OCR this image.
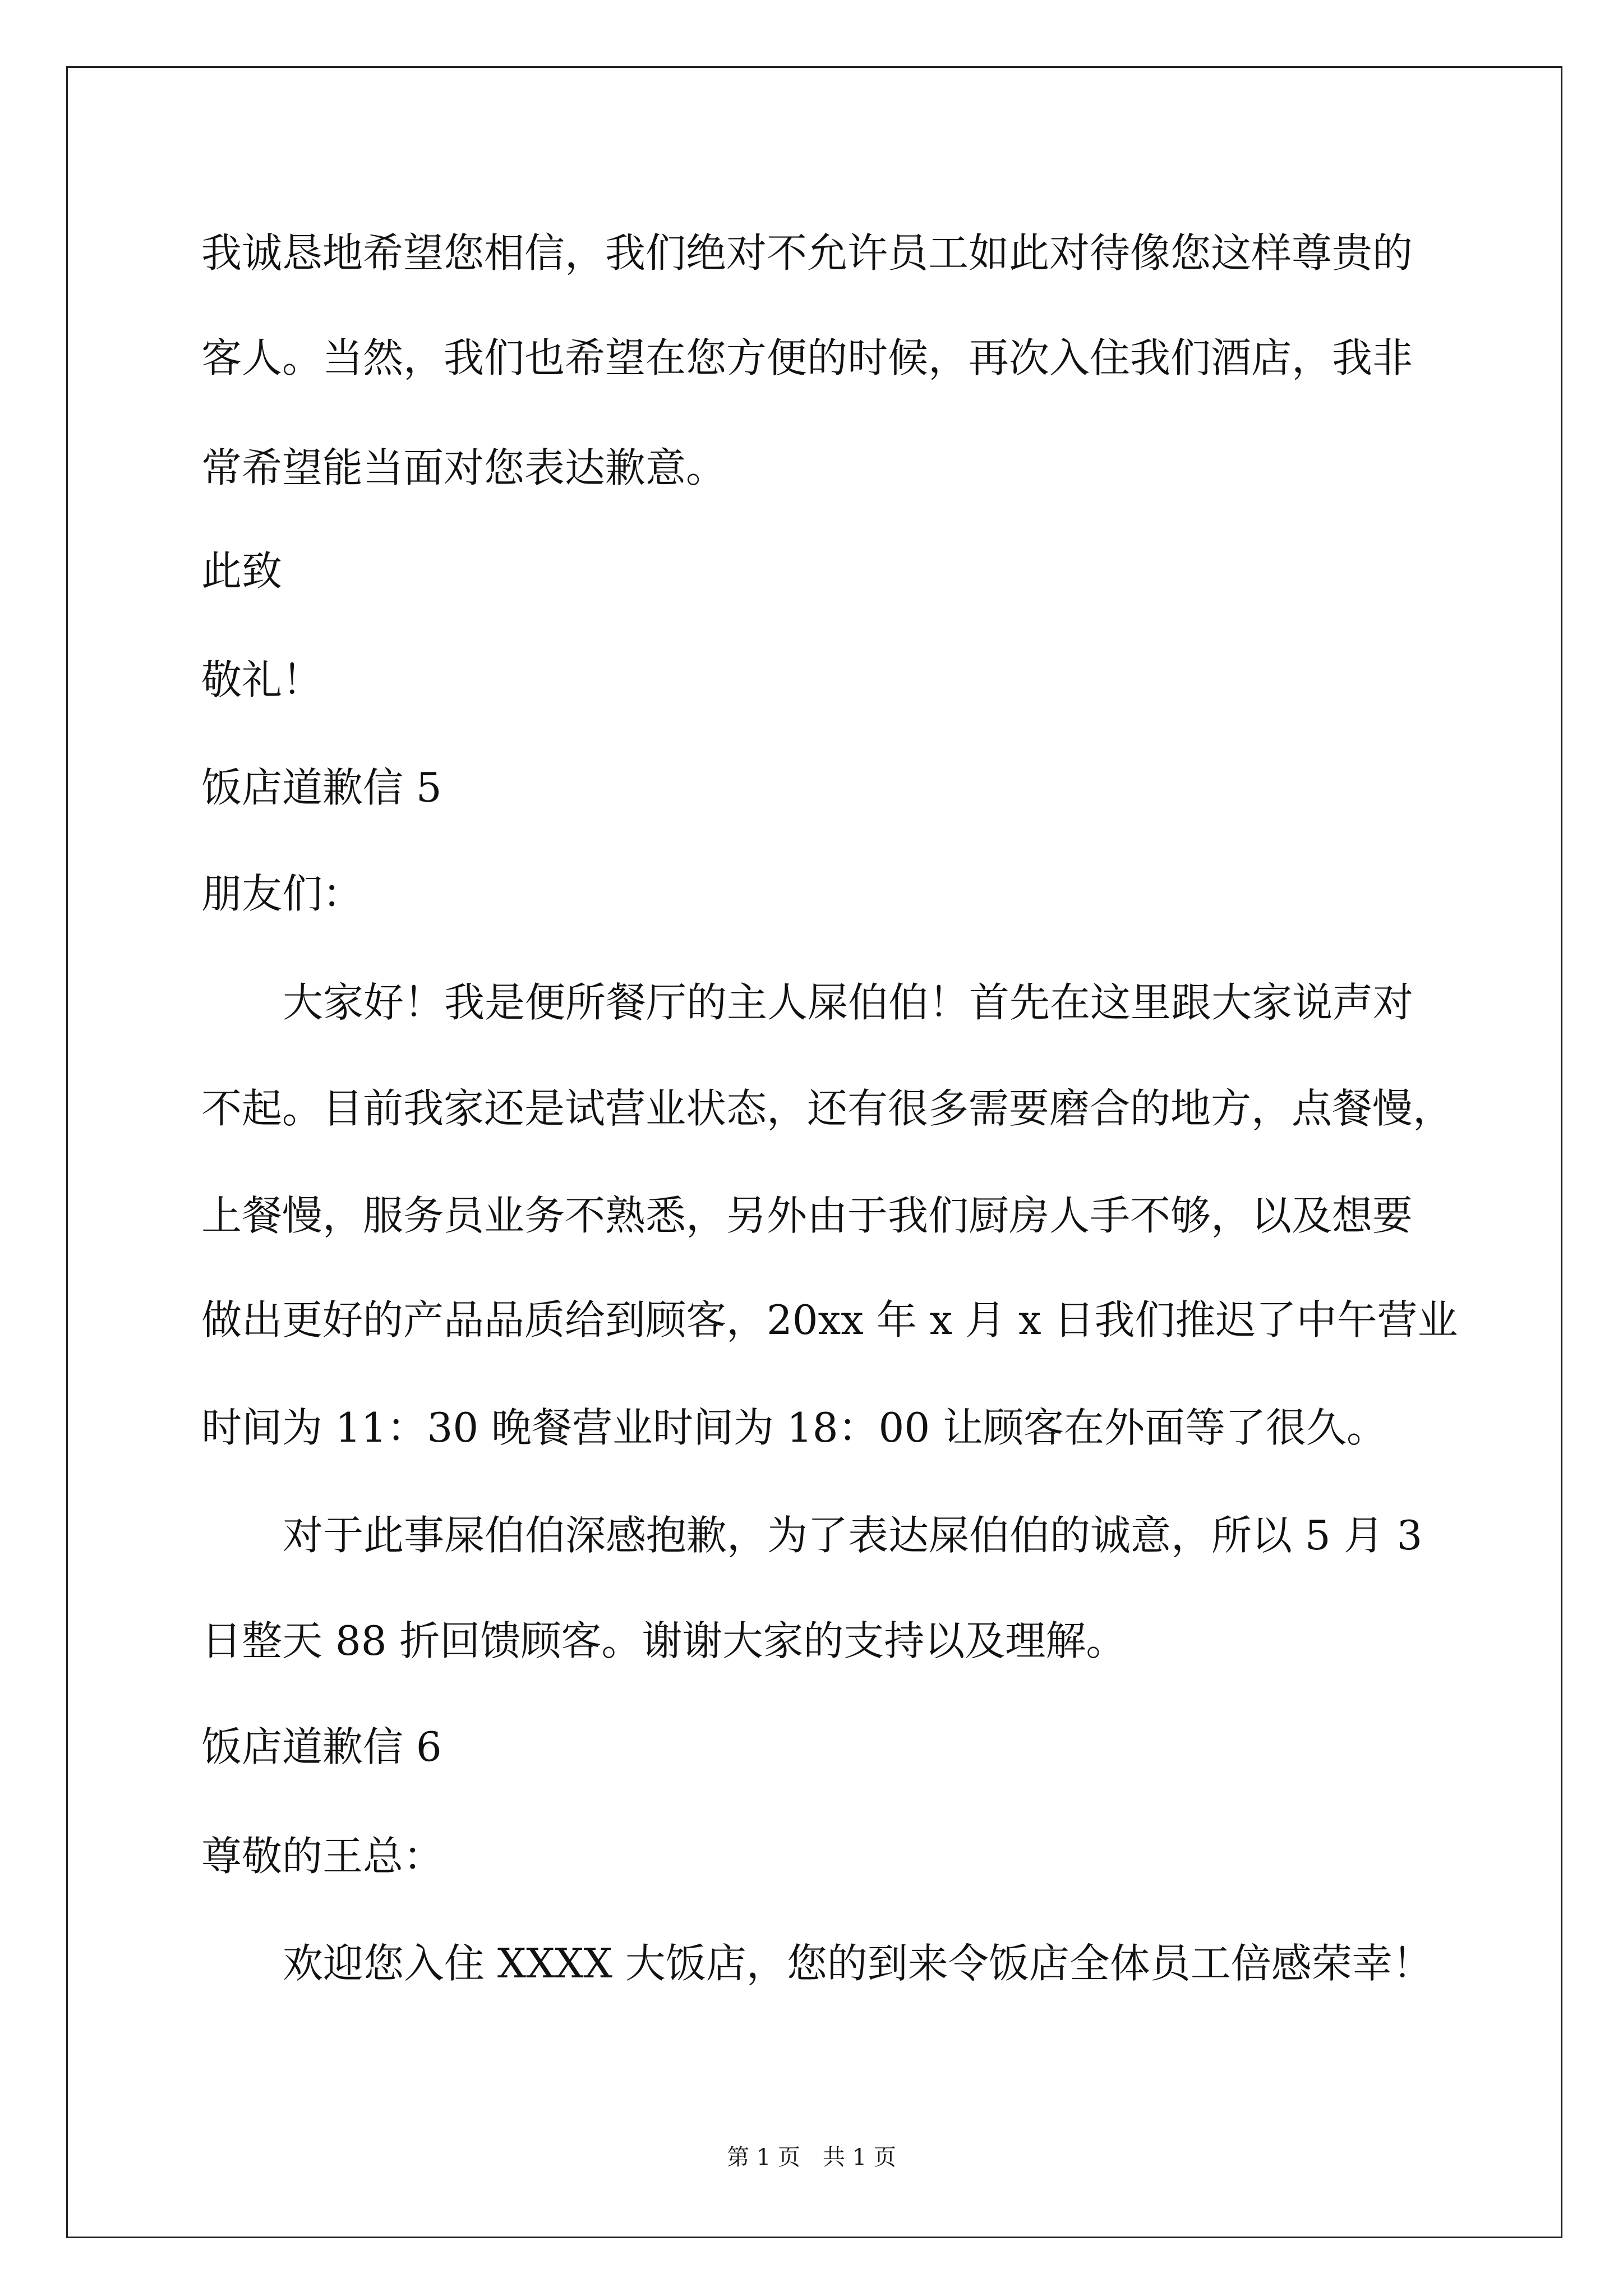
我诚恳地希望您相信，我们绝对不允许员工如此对待像您这样尊贵的
客人。当然，我们也希望在您方便的时候，再次入住我们酒店，我非
常希望能当面对您表达歉意。
此致
敬礼！
饭店道歉信 5
朋友们：
大家好！我是便所餐厅的主人屎伯伯！首先在这里跟大家说声对
不起。目前我家还是试营业状态，还有很多需要磨合的地方，点餐慢，
上餐慢，服务员业务不熟悉，另外由于我们厨房人手不够，以及想要
做出更好的产品品质给到顾客，20xx 年 x 月 x 日我们推迟了中午营业
时间为 11：30 晚餐营业时间为 18：00 让顾客在外面等了很久。
对于此事屎伯伯深感抱歉，为了表达屎伯伯的诚意，所以 5 月 3
日整天 88 折回馈顾客。谢谢大家的支持以及理解。
饭店道歉信 6
尊敬的王总：
欢迎您入住 XXXX 大饭店，您的到来令饭店全体员工倍感荣幸！
第 1 页　共 1 页
